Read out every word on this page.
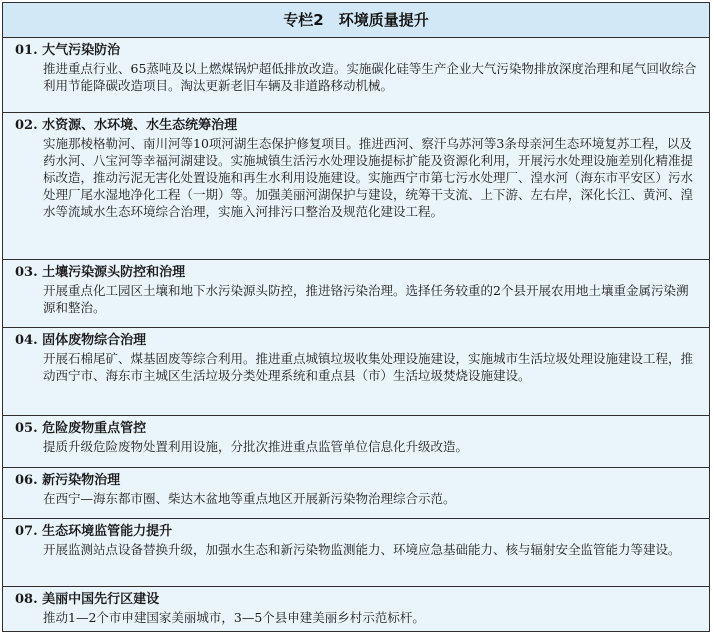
专栏2　环境质量提升
01. 大气污染防治
推进重点行业、65蒸吨及以上燃煤锅炉超低排放改造。实施碳化硅等生产企业大气污染物排放深度治理和尾气回收综合利用节能降碳改造项目。淘汰更新老旧车辆及非道路移动机械。
02. 水资源、水环境、水生态统筹治理
实施那棱格勒河、南川河等10项河湖生态保护修复项目。推进西河、察汗乌苏河等3条母亲河生态环境复苏工程，以及药水河、八宝河等幸福河湖建设。实施城镇生活污水处理设施提标扩能及资源化利用，开展污水处理设施差别化精准提标改造，推动污泥无害化处置设施和再生水利用设施建设。实施西宁市第七污水处理厂、湟水河（海东市平安区）污水处理厂尾水湿地净化工程（一期）等。加强美丽河湖保护与建设，统筹干支流、上下游、左右岸，深化长江、黄河、湟水等流域水生态环境综合治理，实施入河排污口整治及规范化建设工程。
03. 土壤污染源头防控和治理
开展重点化工园区土壤和地下水污染源头防控，推进铬污染治理。选择任务较重的2个县开展农用地土壤重金属污染溯源和整治。
04. 固体废物综合治理
开展石棉尾矿、煤基固废等综合利用。推进重点城镇垃圾收集处理设施建设，实施城市生活垃圾处理设施建设工程，推动西宁市、海东市主城区生活垃圾分类处理系统和重点县（市）生活垃圾焚烧设施建设。
05. 危险废物重点管控
提质升级危险废物处置利用设施，分批次推进重点监管单位信息化升级改造。
06. 新污染物治理
在西宁—海东都市圈、柴达木盆地等重点地区开展新污染物治理综合示范。
07. 生态环境监管能力提升
开展监测站点设备替换升级，加强水生态和新污染物监测能力、环境应急基础能力、核与辐射安全监管能力等建设。
08. 美丽中国先行区建设
推动1—2个市申建国家美丽城市，3—5个县申建美丽乡村示范标杆。
